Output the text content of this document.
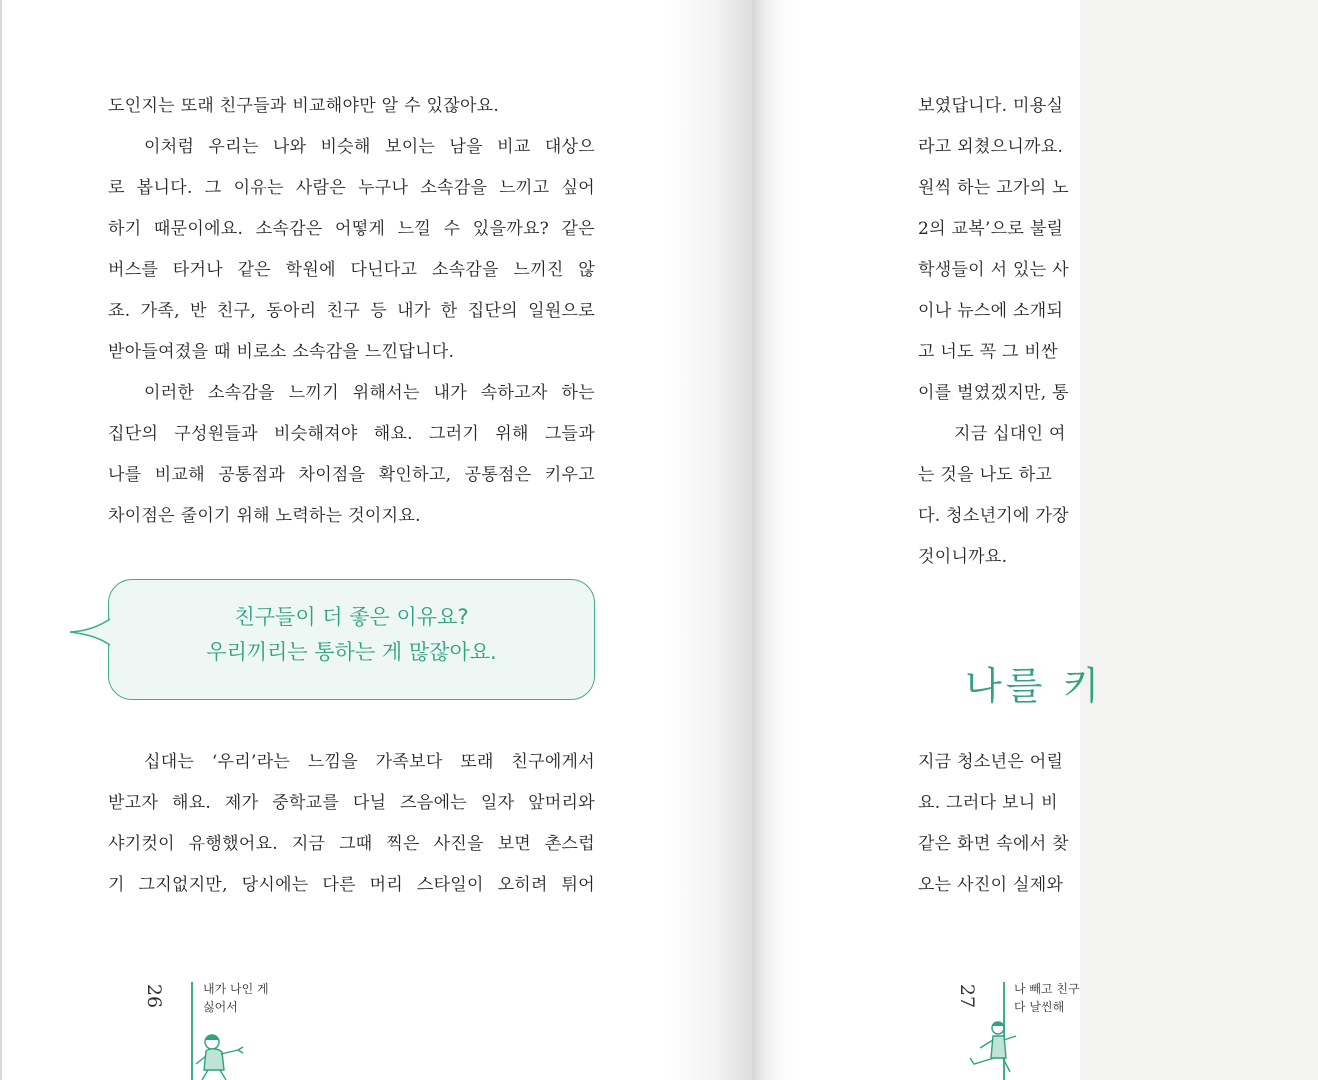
도인지는 또래 친구들과 비교해야만 알 수 있잖아요.
이처럼 우리는 나와 비슷해 보이는 남을 비교 대상으
로 봅니다. 그 이유는 사람은 누구나 소속감을 느끼고 싶어
하기 때문이에요. 소속감은 어떻게 느낄 수 있을까요? 같은
버스를 타거나 같은 학원에 다닌다고 소속감을 느끼진 않
죠. 가족, 반 친구, 동아리 친구 등 내가 한 집단의 일원으로
받아들여졌을 때 비로소 소속감을 느낀답니다.
이러한 소속감을 느끼기 위해서는 내가 속하고자 하는
집단의 구성원들과 비슷해져야 해요. 그러기 위해 그들과
나를 비교해 공통점과 차이점을 확인하고, 공통점은 키우고
차이점은 줄이기 위해 노력하는 것이지요.
친구들이 더 좋은 이유요?
우리끼리는 통하는 게 많잖아요.
십대는 ‘우리’라는 느낌을 가족보다 또래 친구에게서
받고자 해요. 제가 중학교를 다닐 즈음에는 일자 앞머리와
샤기컷이 유행했어요. 지금 그때 찍은 사진을 보면 촌스럽
기 그지없지만, 당시에는 다른 머리 스타일이 오히려 튀어
26	내가 나인 게
싫어서
보였답니다. 미용실
라고 외쳤으니까요.
원씩 하는 고가의 노
2의 교복’으로 불릴
학생들이 서 있는 사
이나 뉴스에 소개되
고 너도 꼭 그 비싼
이를 벌였겠지만, 통
지금 십대인 여
는 것을 나도 하고
다. 청소년기에 가장
것이니까요.
나를 키
지금 청소년은 어릴
요. 그러다 보니 비
같은 화면 속에서 찾
오는 사진이 실제와
27	나 빼고 친구
다 날씬해
